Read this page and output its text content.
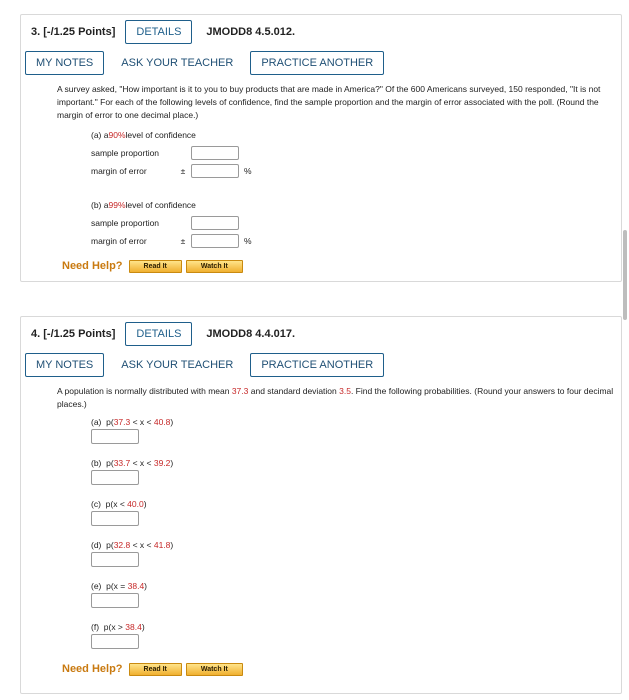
3. [-/1.25 Points]	DETAILS	JMODD8 4.5.012.
MY NOTES	ASK YOUR TEACHER	PRACTICE ANOTHER
A survey asked, "How important is it to you to buy products that are made in America?" Of the 600 Americans surveyed, 150 responded, "It is not important." For each of the following levels of confidence, find the sample proportion and the margin of error associated with the poll. (Round the margin of error to one decimal place.)
(a) a 90% level of confidence
sample proportion
margin of error	±	%
(b) a 99% level of confidence
sample proportion
margin of error	±	%
Need Help?	Read It	Watch It
4. [-/1.25 Points]	DETAILS	JMODD8 4.4.017.
MY NOTES	ASK YOUR TEACHER	PRACTICE ANOTHER
A population is normally distributed with mean 37.3 and standard deviation 3.5. Find the following probabilities. (Round your answers to four decimal places.)
(a) p(37.3 < x < 40.8)
(b) p(33.7 < x < 39.2)
(c) p(x < 40.0)
(d) p(32.8 < x < 41.8)
(e) p(x = 38.4)
(f) p(x > 38.4)
Need Help?	Read It	Watch It
